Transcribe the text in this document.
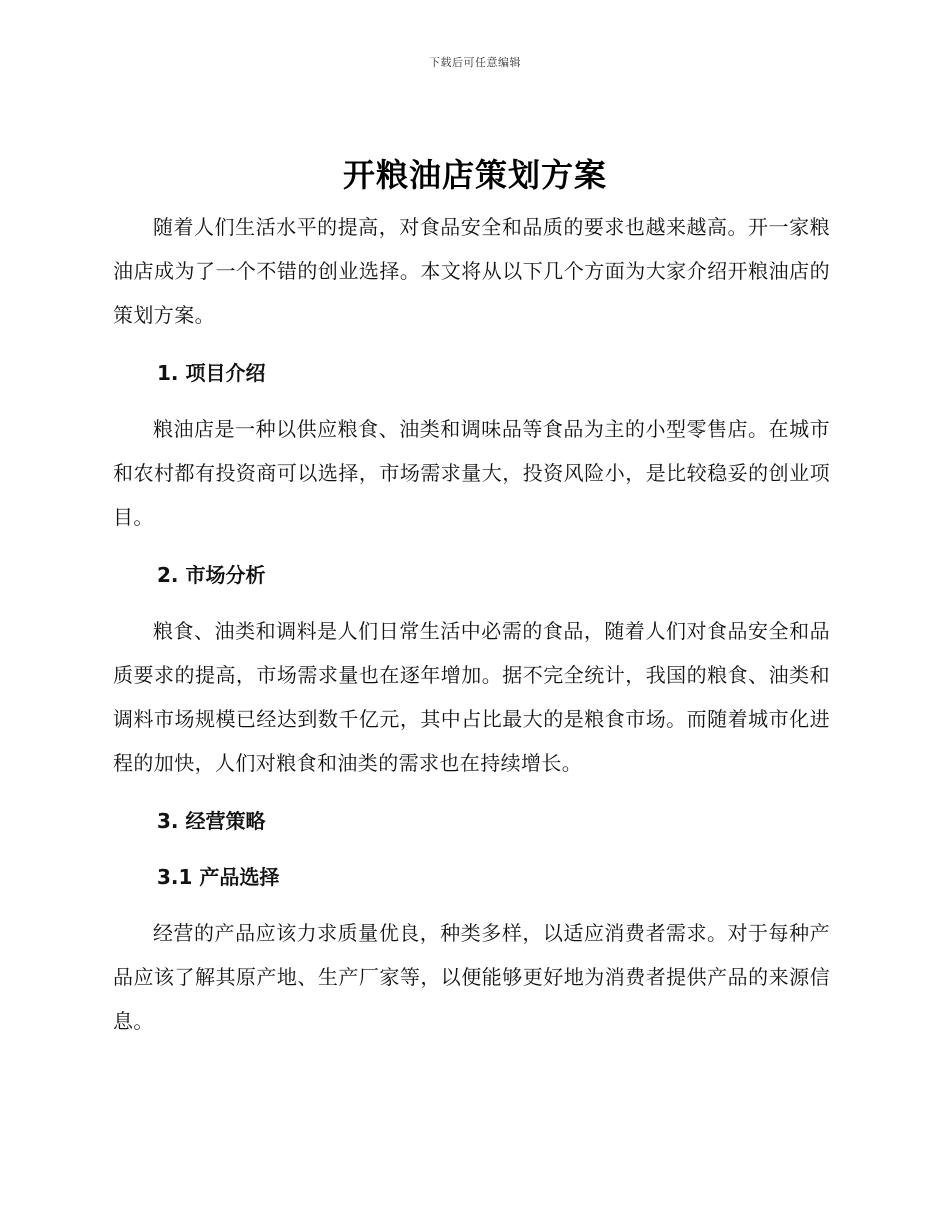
下载后可任意编辑
开粮油店策划方案

随着人们生活水平的提高，对食品安全和品质的要求也越来越高。开一家粮油店成为了一个不错的创业选择。本文将从以下几个方面为大家介绍开粮油店的策划方案。

1. 项目介绍

粮油店是一种以供应粮食、油类和调味品等食品为主的小型零售店。在城市和农村都有投资商可以选择，市场需求量大，投资风险小，是比较稳妥的创业项目。

2. 市场分析

粮食、油类和调料是人们日常生活中必需的食品，随着人们对食品安全和品质要求的提高，市场需求量也在逐年增加。据不完全统计，我国的粮食、油类和调料市场规模已经达到数千亿元，其中占比最大的是粮食市场。而随着城市化进程的加快，人们对粮食和油类的需求也在持续增长。

3. 经营策略
3.1 产品选择

经营的产品应该力求质量优良，种类多样，以适应消费者需求。对于每种产品应该了解其原产地、生产厂家等，以便能够更好地为消费者提供产品的来源信息。
